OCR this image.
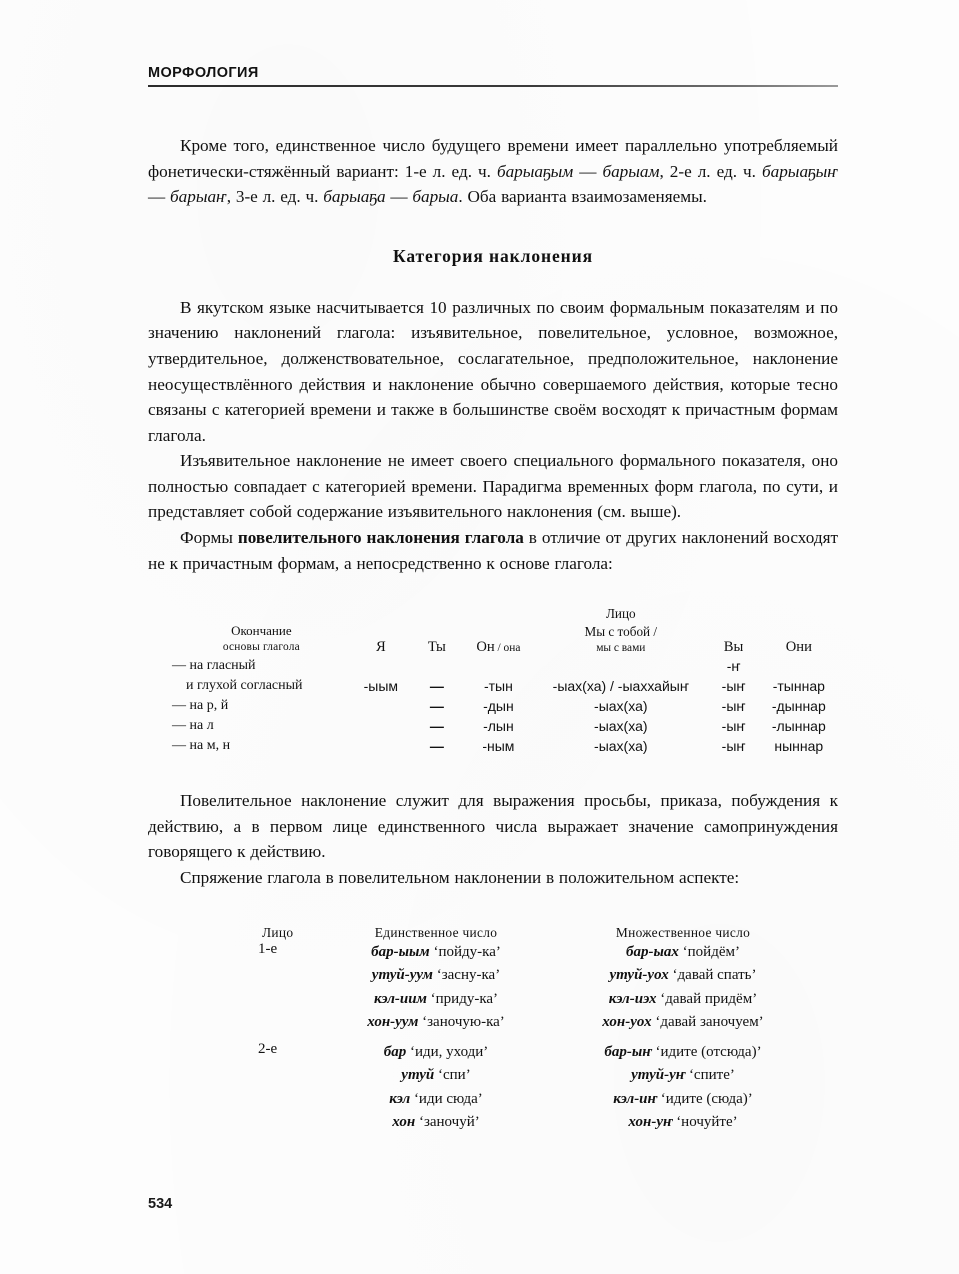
МОРФОЛОГИЯ

Кроме того, единственное число будущего времени имеет параллельно употребляемый фонетически-стяжённый вариант: 1-е л. ед. ч. барыаҕым — барыам, 2-е л. ед. ч. барыаҕыҥ — барыаҥ, 3-е л. ед. ч. барыаҕа — барыа. Оба варианта взаимозаменяемы.

Категория наклонения

В якутском языке насчитывается 10 различных по своим формальным показателям и по значению наклонений глагола: изъявительное, повелительное, условное, возможное, утвердительное, долженствовательное, сослагательное, предположительное, наклонение неосуществлённого действия и наклонение обычно совершаемого действия, которые тесно связаны с категорией времени и также в большинстве своём восходят к причастным формам глагола.

Изъявительное наклонение не имеет своего специального формального показателя, оно полностью совпадает с категорией времени. Парадигма временных форм глагола, по сути, и представляет собой содержание изъявительного наклонения (см. выше).

Формы повелительного наклонения глагола в отличие от других наклонений восходят не к причастным формам, а непосредственно к основе глагола:

				Лицо		

Окончание
основы глагола	Я	Ты	Он / она	Мы с тобой /
мы с вами	Вы	Они
— на гласный					-ҥ	
и глухой согласный	-ыым	—	-тын	-ыах(ха) / -ыаххайыҥ	-ыҥ	-тыннар
— на р, й		—	-дын	-ыах(ха)	-ыҥ	-дыннар
— на л		—	-лын	-ыах(ха)	-ыҥ	-лыннар
— на м, н		—	-ным	-ыах(ха)	-ыҥ	ныннар

Повелительное наклонение служит для выражения просьбы, приказа, побуждения к действию, а в первом лице единственного числа выражает значение самопринуждения говорящего к действию.

Спряжение глагола в повелительном наклонении в положительном аспекте:

Лицо	Единственное число	Множественное число
1-е	бар-ыым ‘пойду-ка’	бар-ыах ‘пойдём’
	утуй-уум ‘засну-ка’	утуй-уох ‘давай спать’
	кэл-иим ‘приду-ка’	кэл-иэх ‘давай придём’
	хон-уум ‘заночую-ка’	хон-уох ‘давай заночуем’

2-е	бар ‘иди, уходи’	бар-ыҥ ‘идите (отсюда)’
	утуй ‘спи’	утуй-уҥ ‘спите’
	кэл ‘иди сюда’	кэл-иҥ ‘идите (сюда)’
	хон ‘заночуй’	хон-уҥ ‘ночуйте’
534
